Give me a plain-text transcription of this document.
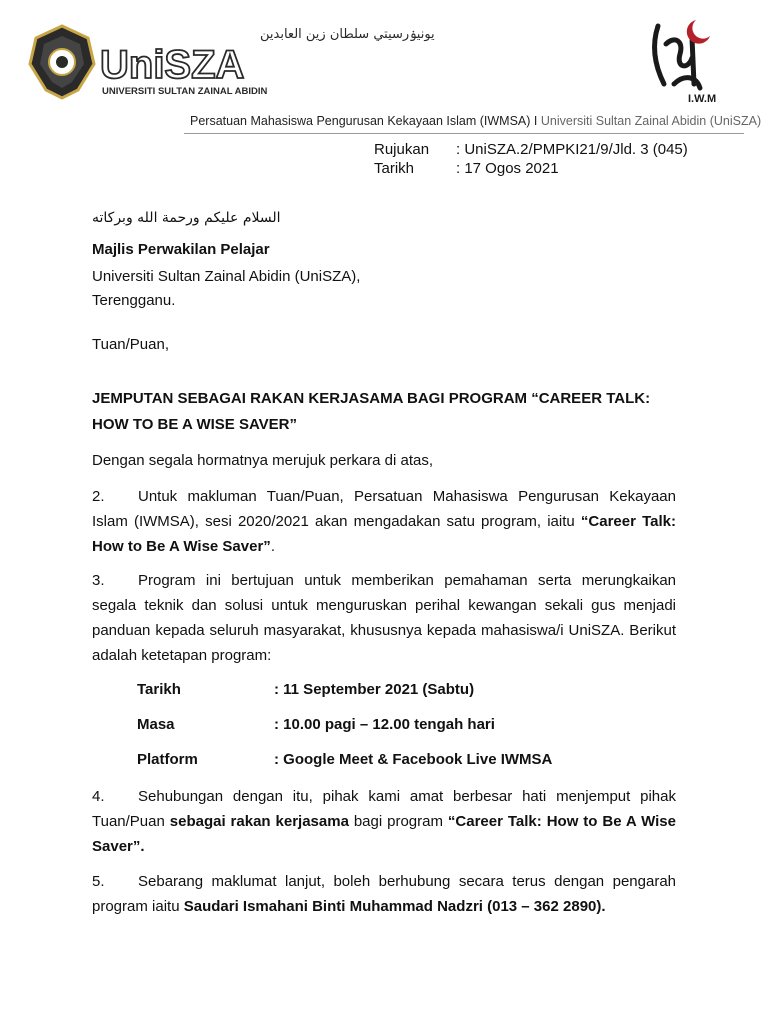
يونيۏرسيتي سلطان زين العابدين
UniSZA
UNIVERSITI SULTAN ZAINAL ABIDIN
I.W.M
Persatuan Mahasiswa Pengurusan Kekayaan Islam (IWMSA) I Universiti Sultan Zainal Abidin (UniSZA)
Rujukan : UniSZA.2/PMPKI21/9/Jld. 3 (045)
Tarikh	: 17 Ogos 2021
السلام عليكم ورحمة الله وبركاته
Majlis Perwakilan Pelajar
Universiti Sultan Zainal Abidin (UniSZA),
Terengganu.
Tuan/Puan,
JEMPUTAN SEBAGAI RAKAN KERJASAMA BAGI PROGRAM “CAREER TALK:
HOW TO BE A WISE SAVER”
Dengan segala hormatnya merujuk perkara di atas,
2. Untuk makluman Tuan/Puan, Persatuan Mahasiswa Pengurusan Kekayaan Islam (IWMSA), sesi 2020/2021 akan mengadakan satu program, iaitu “Career Talk: How to Be A Wise Saver”.
3. Program ini bertujuan untuk memberikan pemahaman serta merungkaikan segala teknik dan solusi untuk menguruskan perihal kewangan sekali gus menjadi panduan kepada seluruh masyarakat, khususnya kepada mahasiswa/i UniSZA. Berikut adalah ketetapan program:
Tarikh	: 11 September 2021 (Sabtu)
Masa	: 10.00 pagi – 12.00 tengah hari
Platform	: Google Meet & Facebook Live IWMSA
4. Sehubungan dengan itu, pihak kami amat berbesar hati menjemput pihak Tuan/Puan sebagai rakan kerjasama bagi program “Career Talk: How to Be A Wise Saver”.
5. Sebarang maklumat lanjut, boleh berhubung secara terus dengan pengarah program iaitu Saudari Ismahani Binti Muhammad Nadzri (013 – 362 2890).
